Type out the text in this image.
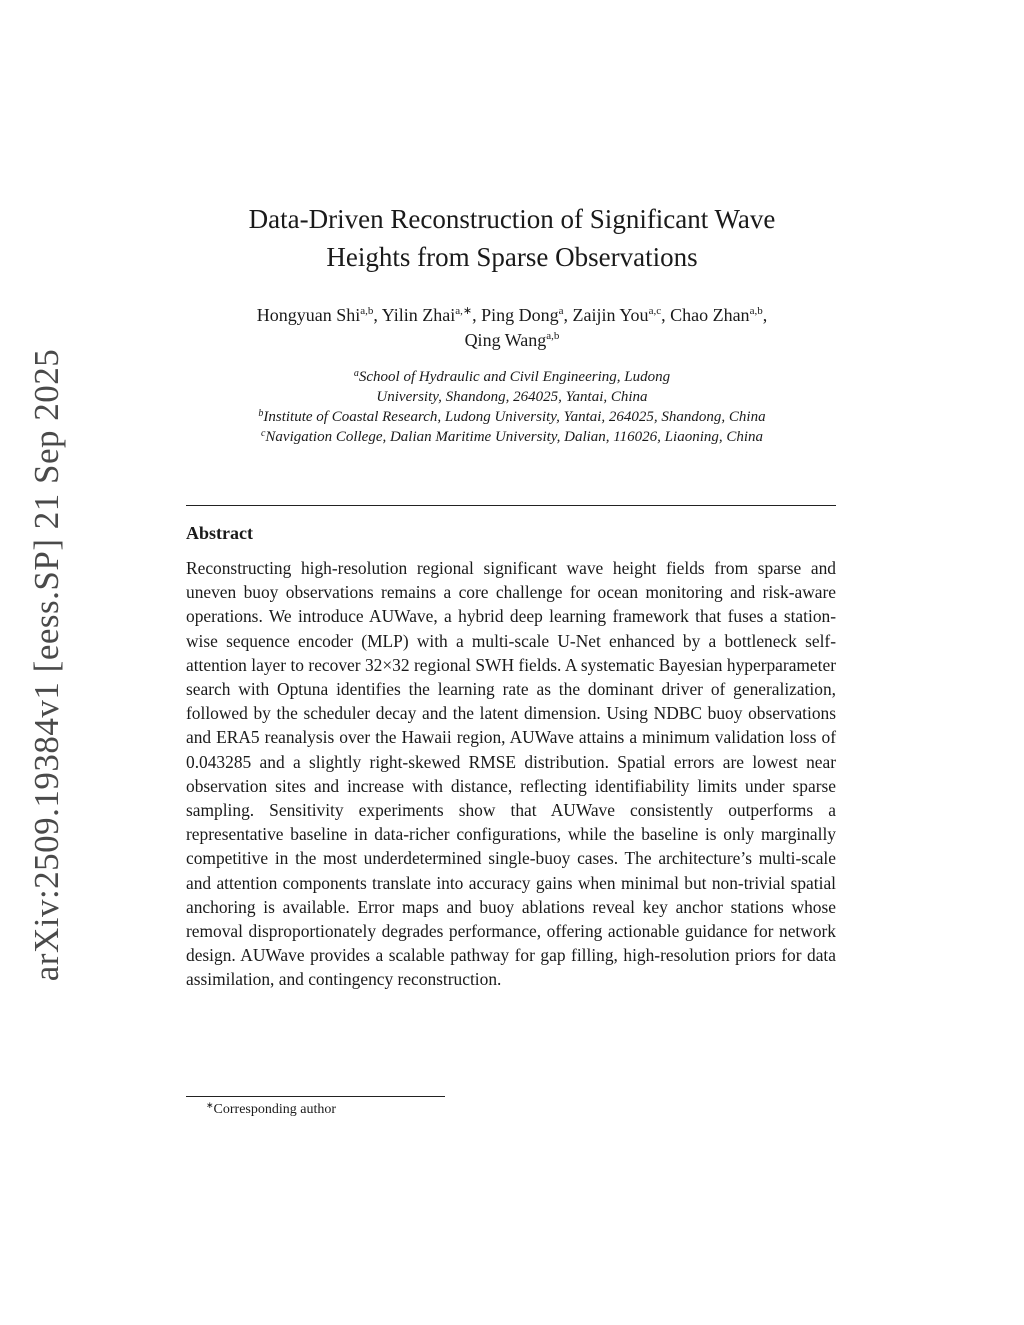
arXiv:2509.19384v1 [eess.SP] 21 Sep 2025
Data-Driven Reconstruction of Significant Wave
Heights from Sparse Observations
Hongyuan Shi$^{a,b}$, Yilin Zhai$^{a,∗}$, Ping Dong$^a$, Zaijin You$^{a,c}$, Chao Zhan$^{a,b}$,
Qing Wang$^{a,b}$
$^a$School of Hydraulic and Civil Engineering, Ludong
University, Shandong, 264025, Yantai, China
$^b$Institute of Coastal Research, Ludong University, Yantai, 264025, Shandong, China
$^c$Navigation College, Dalian Maritime University, Dalian, 116026, Liaoning, China
Abstract

Reconstructing high-resolution regional significant wave height fields from sparse and uneven buoy observations remains a core challenge for ocean monitoring and risk-aware operations. We introduce AUWave, a hybrid deep learning framework that fuses a station-wise sequence encoder (MLP) with a multi-scale U-Net enhanced by a bottleneck self-attention layer to recover 32×32 regional SWH fields. A systematic Bayesian hyperparameter search with Optuna identifies the learning rate as the dominant driver of generalization, followed by the scheduler decay and the latent dimension. Using NDBC buoy observations and ERA5 reanalysis over the Hawaii region, AUWave attains a minimum validation loss of 0.043285 and a slightly right-skewed RMSE distribution. Spatial errors are lowest near observation sites and increase with distance, reflecting identifiability limits under sparse sampling. Sensitivity experiments show that AUWave consistently outperforms a representative baseline in data-richer configurations, while the baseline is only marginally competitive in the most underdetermined single-buoy cases. The architecture’s multi-scale and attention components translate into accuracy gains when minimal but non-trivial spatial anchoring is available. Error maps and buoy ablations reveal key anchor stations whose removal disproportionately degrades performance, offering actionable guidance for network design. AUWave provides a scalable pathway for gap filling, high-resolution priors for data assimilation, and contingency reconstruction.

∗Corresponding author
